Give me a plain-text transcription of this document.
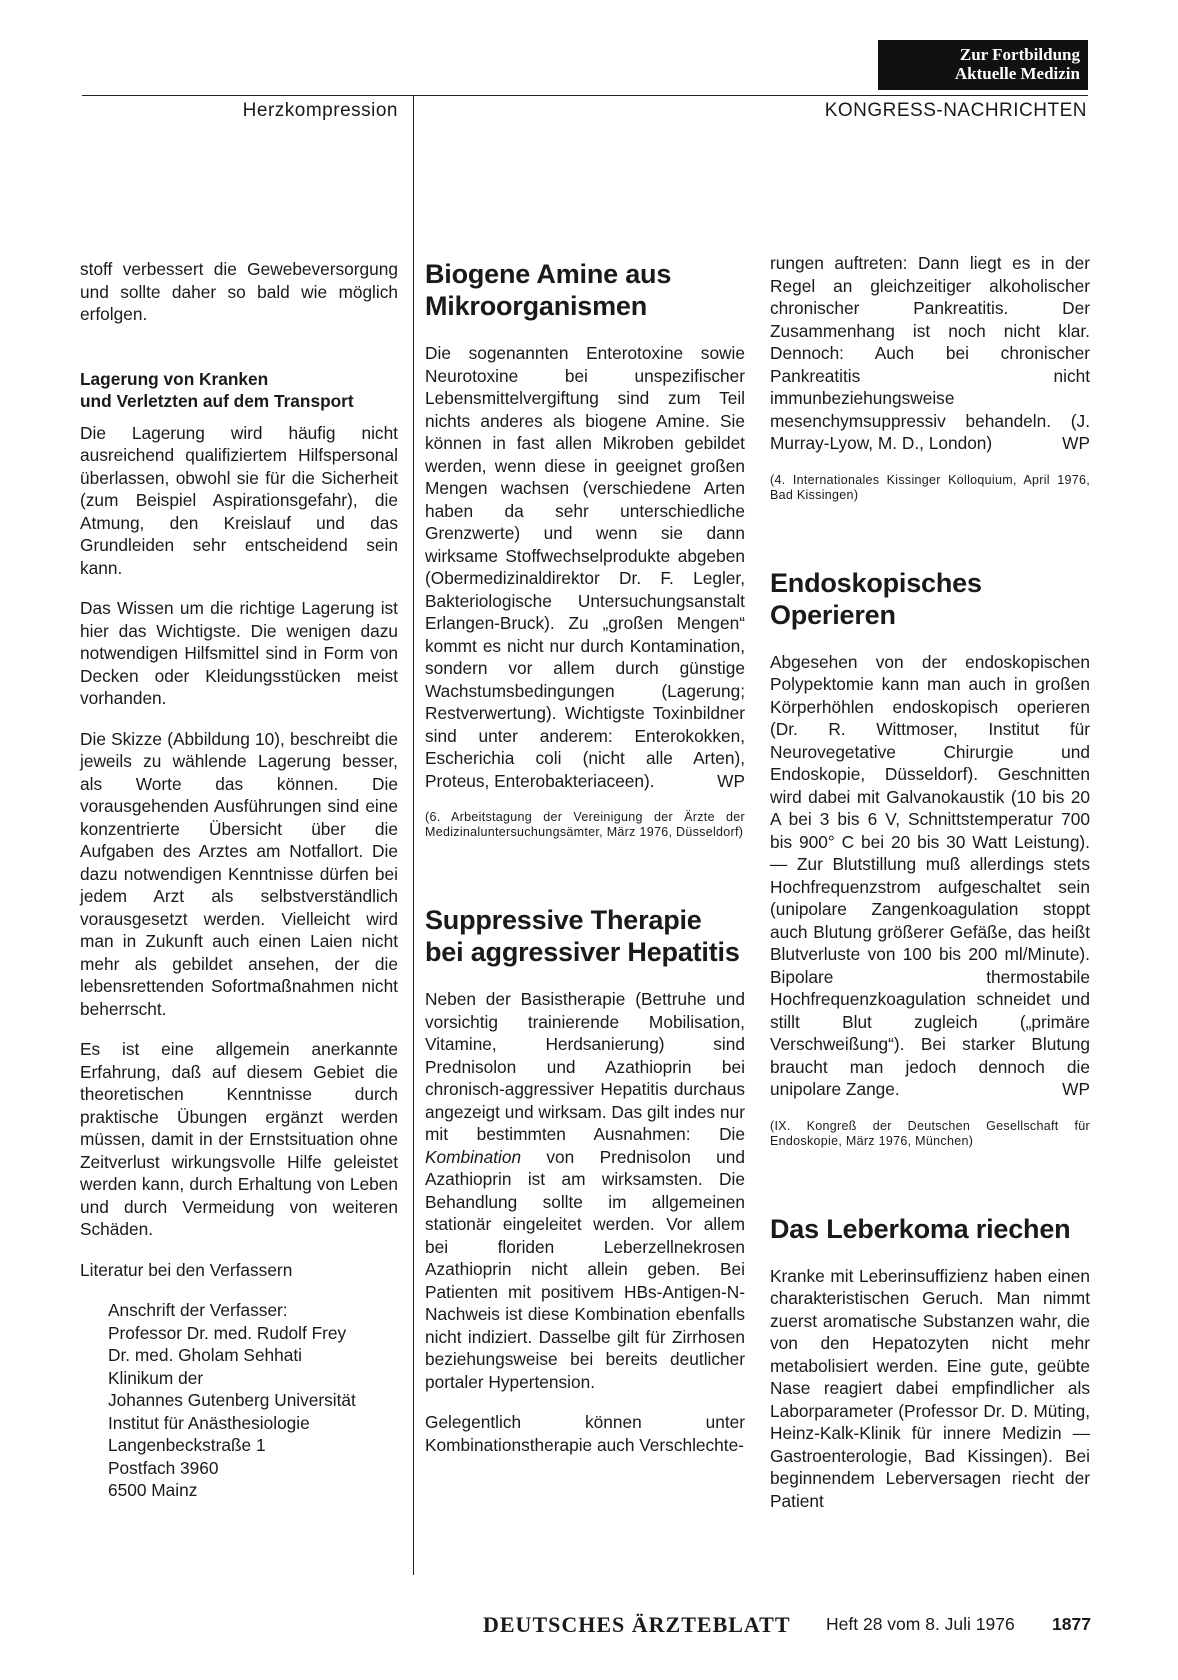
Zur Fortbildung
Aktuelle Medizin
Herzkompression	KONGRESS-NACHRICHTEN

stoff verbessert die Gewebeversorgung und sollte daher so bald wie möglich erfolgen.

Lagerung von Kranken
und Verletzten auf dem Transport

Die Lagerung wird häufig nicht ausreichend qualifiziertem Hilfspersonal überlassen, obwohl sie für die Sicherheit (zum Beispiel Aspirationsgefahr), die Atmung, den Kreislauf und das Grundleiden sehr entscheidend sein kann.

Das Wissen um die richtige Lagerung ist hier das Wichtigste. Die wenigen dazu notwendigen Hilfsmittel sind in Form von Decken oder Kleidungsstücken meist vorhanden.

Die Skizze (Abbildung 10), beschreibt die jeweils zu wählende Lagerung besser, als Worte das können. Die vorausgehenden Ausführungen sind eine konzentrierte Übersicht über die Aufgaben des Arztes am Notfallort. Die dazu notwendigen Kenntnisse dürfen bei jedem Arzt als selbstverständlich vorausgesetzt werden. Vielleicht wird man in Zukunft auch einen Laien nicht mehr als gebildet ansehen, der die lebensrettenden Sofortmaßnahmen nicht beherrscht.

Es ist eine allgemein anerkannte Erfahrung, daß auf diesem Gebiet die theoretischen Kenntnisse durch praktische Übungen ergänzt werden müssen, damit in der Ernstsituation ohne Zeitverlust wirkungsvolle Hilfe geleistet werden kann, durch Erhaltung von Leben und durch Vermeidung von weiteren Schäden.

Literatur bei den Verfassern

Anschrift der Verfasser:
Professor Dr. med. Rudolf Frey
Dr. med. Gholam Sehhati
Klinikum der
Johannes Gutenberg Universität
Institut für Anästhesiologie
Langenbeckstraße 1
Postfach 3960
6500 Mainz
Biogene Amine aus Mikroorganismen

Die sogenannten Enterotoxine sowie Neurotoxine bei unspezifischer Lebensmittelvergiftung sind zum Teil nichts anderes als biogene Amine. Sie können in fast allen Mikroben gebildet werden, wenn diese in geeignet großen Mengen wachsen (verschiedene Arten haben da sehr unterschiedliche Grenzwerte) und wenn sie dann wirksame Stoffwechselprodukte abgeben (Obermedizinaldirektor Dr. F. Legler, Bakteriologische Untersuchungsanstalt Erlangen-Bruck). Zu „großen Mengen“ kommt es nicht nur durch Kontamination, sondern vor allem durch günstige Wachstumsbedingungen (Lagerung; Restverwertung). Wichtigste Toxinbildner sind unter anderem: Enterokokken, Escherichia coli (nicht alle Arten), Proteus, Enterobakteriaceen).	WP

(6. Arbeitstagung der Vereinigung der Ärzte der Medizinaluntersuchungsämter, März 1976, Düsseldorf)

Suppressive Therapie bei aggressiver Hepatitis

Neben der Basistherapie (Bettruhe und vorsichtig trainierende Mobilisation, Vitamine, Herdsanierung) sind Prednisolon und Azathioprin bei chronisch-aggressiver Hepatitis durchaus angezeigt und wirksam. Das gilt indes nur mit bestimmten Ausnahmen: Die Kombination von Prednisolon und Azathioprin ist am wirksamsten. Die Behandlung sollte im allgemeinen stationär eingeleitet werden. Vor allem bei floriden Leberzellnekrosen Azathioprin nicht allein geben. Bei Patienten mit positivem HBs-Antigen-N-Nachweis ist diese Kombination ebenfalls nicht indiziert. Dasselbe gilt für Zirrhosen beziehungsweise bei bereits deutlicher portaler Hypertension.

Gelegentlich können unter Kombinationstherapie auch Verschlechte-

rungen auftreten: Dann liegt es in der Regel an gleichzeitiger alkoholischer chronischer Pankreatitis. Der Zusammenhang ist noch nicht klar. Dennoch: Auch bei chronischer Pankreatitis nicht immunbeziehungsweise mesenchymsuppressiv behandeln. (J. Murray-Lyow, M. D., London)	WP

(4. Internationales Kissinger Kolloquium, April 1976, Bad Kissingen)

Endoskopisches Operieren

Abgesehen von der endoskopischen Polypektomie kann man auch in großen Körperhöhlen endoskopisch operieren (Dr. R. Wittmoser, Institut für Neurovegetative Chirurgie und Endoskopie, Düsseldorf). Geschnitten wird dabei mit Galvanokaustik (10 bis 20 A bei 3 bis 6 V, Schnittstemperatur 700 bis 900° C bei 20 bis 30 Watt Leistung). — Zur Blutstillung muß allerdings stets Hochfrequenzstrom aufgeschaltet sein (unipolare Zangenkoagulation stoppt auch Blutung größerer Gefäße, das heißt Blutverluste von 100 bis 200 ml/Minute). Bipolare thermostabile Hochfrequenzkoagulation schneidet und stillt Blut zugleich („primäre Verschweißung“). Bei starker Blutung braucht man jedoch dennoch die unipolare Zange.	WP

(IX. Kongreß der Deutschen Gesellschaft für Endoskopie, März 1976, München)

Das Leberkoma riechen

Kranke mit Leberinsuffizienz haben einen charakteristischen Geruch. Man nimmt zuerst aromatische Substanzen wahr, die von den Hepatozyten nicht mehr metabolisiert werden. Eine gute, geübte Nase reagiert dabei empfindlicher als Laborparameter (Professor Dr. D. Müting, Heinz-Kalk-Klinik für innere Medizin — Gastroenterologie, Bad Kissingen). Bei beginnendem Leberversagen riecht der Patient

DEUTSCHES ÄRZTEBLATT Heft 28 vom 8. Juli 1976 1877
